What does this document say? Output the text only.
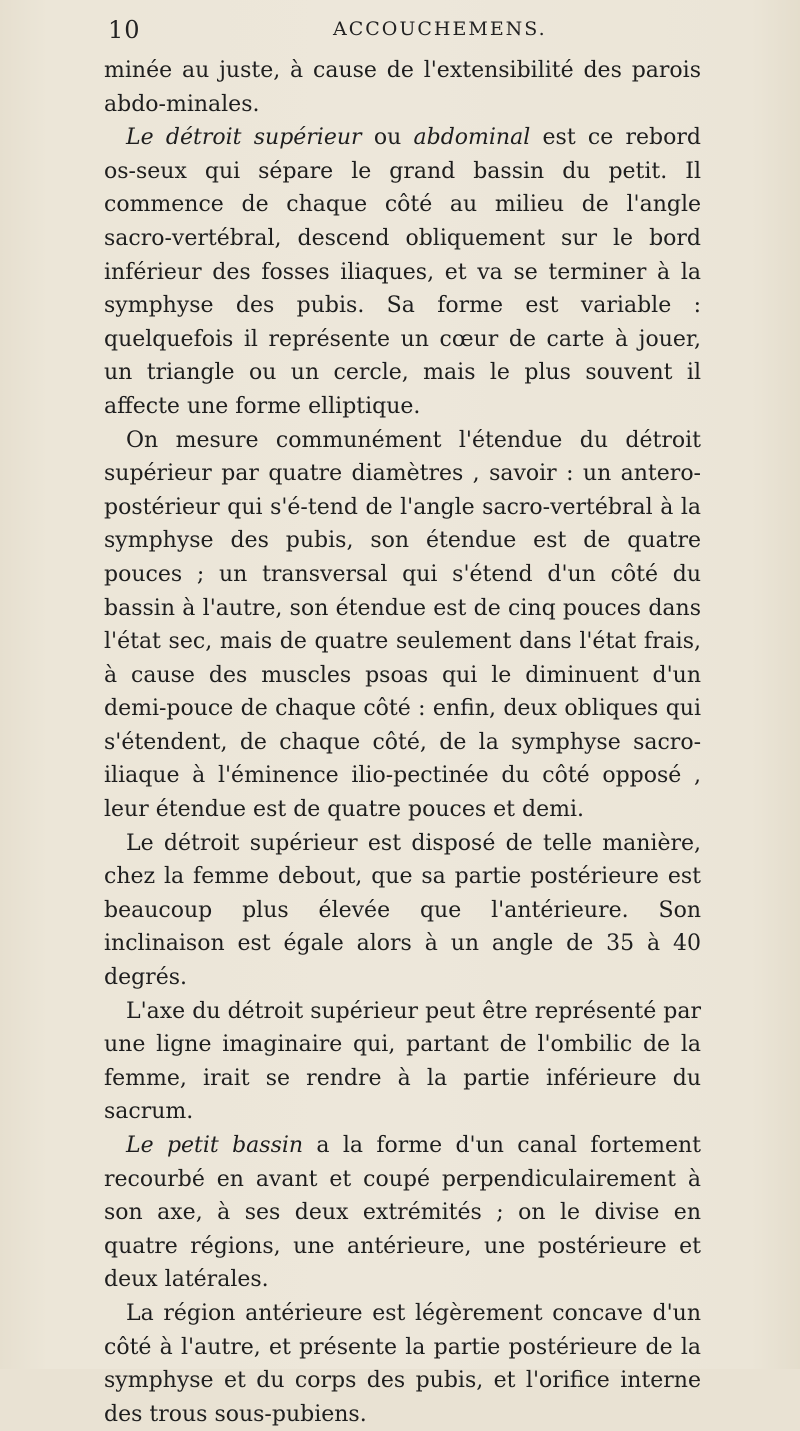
10	ACCOUCHEMENS.

minée au juste, à cause de l'extensibilité des parois abdo-minales.

Le détroit supérieur ou abdominal est ce rebord os-seux qui sépare le grand bassin du petit. Il commence de chaque côté au milieu de l'angle sacro-vertébral, descend obliquement sur le bord inférieur des fosses iliaques, et va se terminer à la symphyse des pubis. Sa forme est variable : quelquefois il représente un cœur de carte à jouer, un triangle ou un cercle, mais le plus souvent il affecte une forme elliptique.

On mesure communément l'étendue du détroit supérieur par quatre diamètres , savoir : un antero-postérieur qui s'é-tend de l'angle sacro-vertébral à la symphyse des pubis, son étendue est de quatre pouces ; un transversal qui s'étend d'un côté du bassin à l'autre, son étendue est de cinq pouces dans l'état sec, mais de quatre seulement dans l'état frais, à cause des muscles psoas qui le diminuent d'un demi-pouce de chaque côté : enfin, deux obliques qui s'étendent, de chaque côté, de la symphyse sacro-iliaque à l'éminence ilio-pectinée du côté opposé , leur étendue est de quatre pouces et demi.

Le détroit supérieur est disposé de telle manière, chez la femme debout, que sa partie postérieure est beaucoup plus élevée que l'antérieure. Son inclinaison est égale alors à un angle de 35 à 40 degrés.

L'axe du détroit supérieur peut être représenté par une ligne imaginaire qui, partant de l'ombilic de la femme, irait se rendre à la partie inférieure du sacrum.

Le petit bassin a la forme d'un canal fortement recourbé en avant et coupé perpendiculairement à son axe, à ses deux extrémités ; on le divise en quatre régions, une antérieure, une postérieure et deux latérales.

La région antérieure est légèrement concave d'un côté à l'autre, et présente la partie postérieure de la symphyse et du corps des pubis, et l'orifice interne des trous sous-pubiens.
